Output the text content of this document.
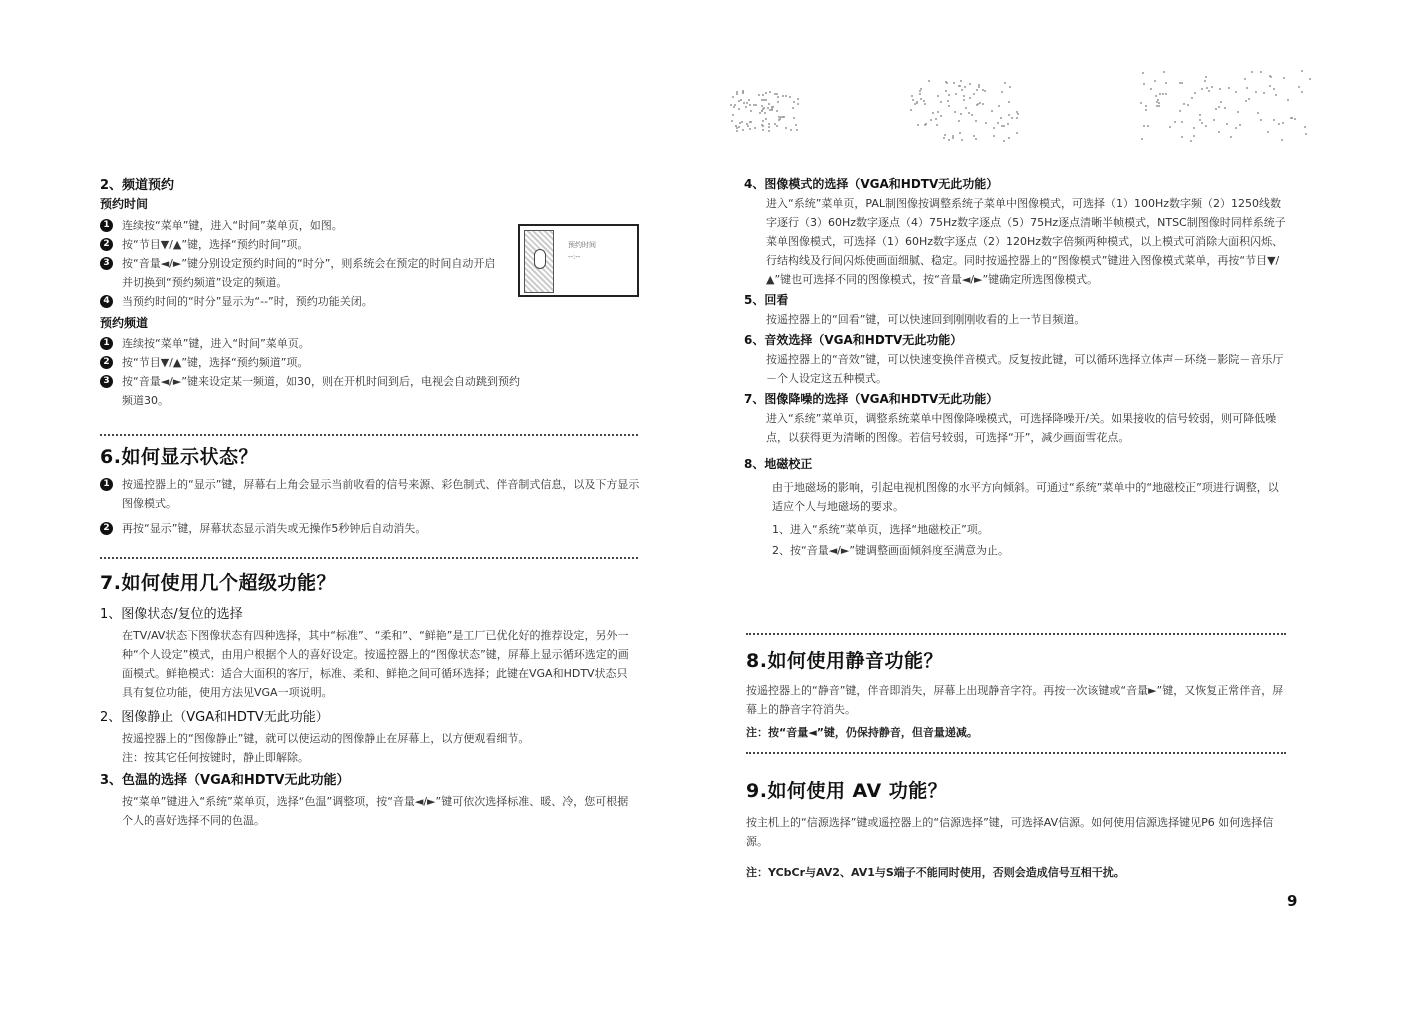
2、频道预约
预约时间
1	连续按“菜单”键，进入“时间”菜单页，如图。
2	按“节目▼/▲”键，选择“预约时间”项。
3	按“音量◄/►”键分别设定预约时间的“时分”，则系统会在预定的时间自动开启并切换到“预约频道”设定的频道。
4	当预约时间的“时分”显示为“--”时，预约功能关闭。
预约频道
1	连续按“菜单”键，进入“时间”菜单页。
2	按“节目▼/▲”键，选择“预约频道”项。
3	按“音量◄/►”键来设定某一频道，如30，则在开机时间到后，电视会自动跳到预约频道30。
预约时间
--:--
6.如何显示状态？
1	按遥控器上的“显示”键，屏幕右上角会显示当前收看的信号来源、彩色制式、伴音制式信息，以及下方显示图像模式。
2	再按“显示”键，屏幕状态显示消失或无操作5秒钟后自动消失。
7.如何使用几个超级功能？
1、图像状态/复位的选择
在TV/AV状态下图像状态有四种选择，其中“标准”、“柔和”、“鲜艳”是工厂已优化好的推荐设定，另外一种“个人设定”模式，由用户根据个人的喜好设定。按遥控器上的“图像状态”键，屏幕上显示循环选定的画面模式。鲜艳模式：适合大面积的客厅，标准、柔和、鲜艳之间可循环选择；此键在VGA和HDTV状态只具有复位功能，使用方法见VGA一项说明。
2、图像静止（VGA和HDTV无此功能）
按遥控器上的“图像静止”键，就可以使运动的图像静止在屏幕上，以方便观看细节。
注：按其它任何按键时，静止即解除。
3、色温的选择（VGA和HDTV无此功能）
按“菜单”键进入“系统”菜单页，选择“色温”调整项，按“音量◄/►”键可依次选择标准、暖、冷，您可根据个人的喜好选择不同的色温。
4、图像模式的选择（VGA和HDTV无此功能）
进入“系统”菜单页，PAL制图像按调整系统子菜单中图像模式，可选择（1）100Hz数字频（2）1250线数字逐行（3）60Hz数字逐点（4）75Hz数字逐点（5）75Hz逐点清晰半帧模式，NTSC制图像时同样系统子菜单图像模式，可选择（1）60Hz数字逐点（2）120Hz数字倍频两种模式，以上模式可消除大面积闪烁、行结构线及行间闪烁使画面细腻、稳定。同时按遥控器上的“图像模式”键进入图像模式菜单，再按“节目▼/▲”键也可选择不同的图像模式，按“音量◄/►”键确定所选图像模式。
5、回看
按遥控器上的“回看”键，可以快速回到刚刚收看的上一节目频道。
6、音效选择（VGA和HDTV无此功能）
按遥控器上的“音效”键，可以快速变换伴音模式。反复按此键，可以循环选择立体声－环绕－影院－音乐厅－个人设定这五种模式。
7、图像降噪的选择（VGA和HDTV无此功能）
进入“系统”菜单页，调整系统菜单中图像降噪模式，可选择降噪开/关。如果接收的信号较弱，则可降低噪点，以获得更为清晰的图像。若信号较弱，可选择“开”，减少画面雪花点。
8、地磁校正
由于地磁场的影响，引起电视机图像的水平方向倾斜。可通过“系统”菜单中的“地磁校正”项进行调整，以适应个人与地磁场的要求。
1、进入“系统”菜单页，选择“地磁校正”项。
2、按“音量◄/►”键调整画面倾斜度至满意为止。
8.如何使用静音功能？
按遥控器上的“静音”键，伴音即消失，屏幕上出现静音字符。再按一次该键或“音量►”键，又恢复正常伴音，屏幕上的静音字符消失。
注：按“音量◄”键，仍保持静音，但音量递减。
9.如何使用 AV 功能？
按主机上的“信源选择”键或遥控器上的“信源选择”键，可选择AV信源。如何使用信源选择键见P6 如何选择信源。
注：YCbCr与AV2、AV1与S端子不能同时使用，否则会造成信号互相干扰。
9
